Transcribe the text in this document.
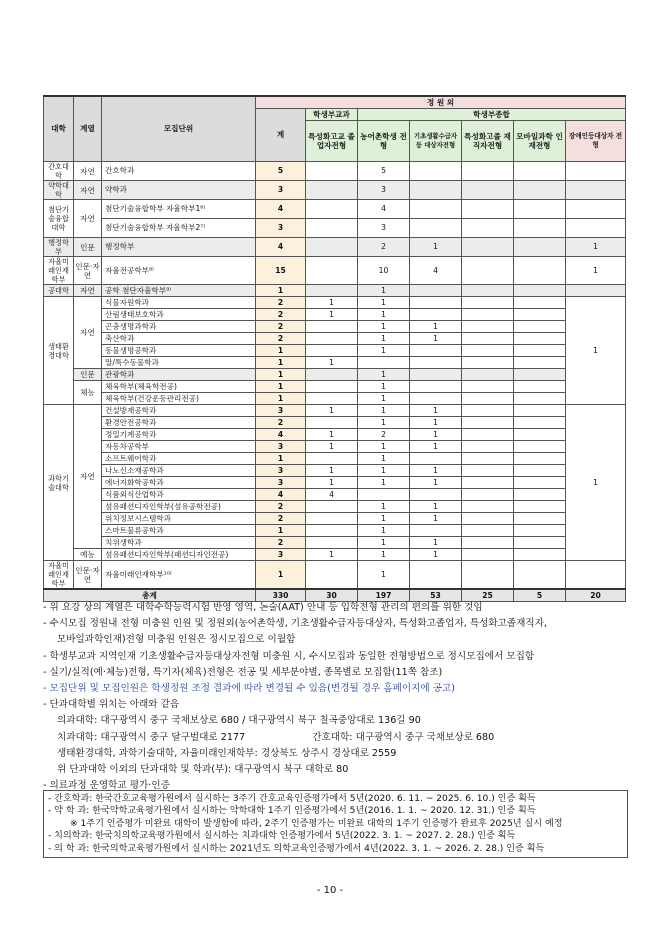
대학	계열	모집단위	정 원 외						
			계	학생부교과	학생부종합				
				특성화고교 졸업자전형	농어촌학생 전형	기초생활수급자등 대상자전형	특성화고졸 재직자전형	모바일과학 인재전형	장애인등대상자 전형
간호대학	자연	간호학과	5		5				
약학대학	자연	약학과	3		3				
첨단기술융합대학	자연	첨단기술융합학부 자율학부1⁶⁾	4		4				
		첨단기술융합학부 자율학부2⁷⁾	3		3				
행정학부	인문	행정학부	4		2	1			1
자율미래인재학부	인문·자연	자율전공학부⁸⁾	15		10	4			1
공대학	자연	공학 첨단자율학부⁹⁾	1		1				
생태환경대학	자연	식물자원학과	2	1	1				1
		산림생태보호학과	2	1	1				
		곤충생명과학과	2		1	1			
		축산학과	2		1	1			
		동물생명공학과	1		1				
		말/특수동물학과	1	1					
	인문	관광학과	1		1				
	체능	체육학부(체육학전공)	1		1				
		체육학부(건강운동관리전공)	1		1				
과학기술대학	자연	건설방재공학과	3	1	1	1			1
		환경안전공학과	2		1	1			
		정밀기계공학과	4	1	2	1			
		자동차공학부	3	1	1	1			
		소프트웨어학과	1		1				
		나노신소재공학과	3	1	1	1			
		에너지화학공학과	3	1	1	1			
		식품외식산업학과	4	4					
		섬유패션디자인학부(섬유공학전공)	2		1	1			
		위치정보시스템학과	2		1	1			
		스마트물류공학과	1		1				
		치위생학과	2		1	1			
	예능	섬유패션디자인학부(패션디자인전공)	3	1	1	1			
자율미래인재학부	인문·자연	자율미래인재학부¹⁰⁾	1		1				
총계			330	30	197	53	25	5	20
- 위 요강 상의 계열은 대학수학능력시험 반영 영역, 논술(AAT) 안내 등 입학전형 관리의 편의를 위한 것임
- 수시모집 정원내 전형 미충원 인원 및 정원외(농어촌학생, 기초생활수급자등대상자, 특성화고졸업자, 특성화고졸재직자,
모바일과학인재)전형 미충원 인원은 정시모집으로 이월함
- 학생부교과 지역인재 기초생활수급자등대상자전형 미충원 시, 수시모집과 동일한 전형방법으로 정시모집에서 모집함
- 실기/실적(예·체능)전형, 특기자(체육)전형은 전공 및 세부분야별, 종목별로 모집함(11쪽 참조)
- 모집단위 및 모집인원은 학생정원 조정 결과에 따라 변경될 수 있음(변경될 경우 홈페이지에 공고)
- 단과대학별 위치는 아래와 같음
의과대학: 대구광역시 중구 국채보상로 680 / 대구광역시 북구 칠곡중앙대로 136길 90
치과대학: 대구광역시 중구 달구벌대로 2177                      간호대학: 대구광역시 중구 국채보상로 680
생태환경대학, 과학기술대학, 자율미래인재학부: 경상북도 상주시 경상대로 2559
위 단과대학 이외의 단과대학 및 학과(부): 대구광역시 북구 대학로 80
- 의료과정 운영학교 평가·인증
- 간호학과: 한국간호교육평가원에서 실시하는 3주기 간호교육인증평가에서 5년(2020. 6. 11. ~ 2025. 6. 10.) 인증 획득
- 약 학 과: 한국약학교육평가원에서 실시하는 약학대학 1주기 인증평가에서 5년(2016. 1. 1. ~ 2020. 12. 31.) 인증 획득
※ 1주기 인증평가 미완료 대학이 발생함에 따라, 2주기 인증평가는 미완료 대학의 1주기 인증평가 완료후 2025년 실시 예정
- 치의학과: 한국치의학교육평가원에서 실시하는 치과대학 인증평가에서 5년(2022. 3. 1. ~ 2027. 2. 28.) 인증 획득
- 의 학 과: 한국의학교육평가원에서 실시하는 2021년도 의학교육인증평가에서 4년(2022. 3. 1. ~ 2026. 2. 28.) 인증 획득
- 10 -
